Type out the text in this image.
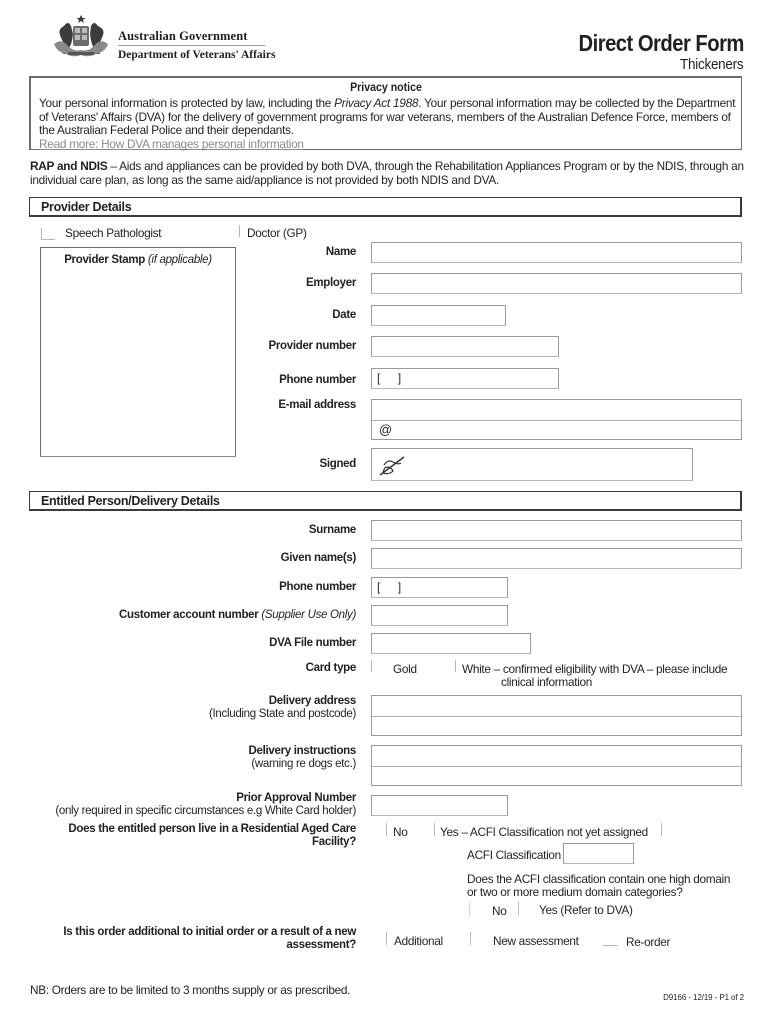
Australian Government
Department of Veterans' Affairs	Direct Order Form
Thickeners
Privacy notice
Your personal information is protected by law, including the Privacy Act 1988. Your personal information may be collected by the Department of Veterans' Affairs (DVA) for the delivery of government programs for war veterans, members of the Australian Defence Force, members of the Australian Federal Police and their dependants.
Read more: How DVA manages personal information
RAP and NDIS – Aids and appliances can be provided by both DVA, through the Rehabilitation Appliances Program or by the NDIS, through an individual care plan, as long as the same aid/appliance is not provided by both NDIS and DVA.
Provider Details
Speech Pathologist	Doctor (GP)
Provider Stamp (if applicable)
Name
Employer
Date
Provider number
Phone number [      ]
E-mail address
@
Signed
Entitled Person/Delivery Details
Surname
Given name(s)
Phone number [      ]
Customer account number (Supplier Use Only)
DVA File number
Card type	Gold	White – confirmed eligibility with DVA – please include
clinical information
Delivery address
(Including State and postcode)
Delivery instructions
(warning re dogs etc.)
Prior Approval Number
(only required in specific circumstances e.g White Card holder)
Does the entitled person live in a Residential Aged Care
Facility?
No	Yes – ACFI Classification not yet assigned
ACFI Classification
Does the ACFI classification contain one high domain
or two or more medium domain categories?
No	Yes (Refer to DVA)
Is this order additional to initial order or a result of a new
assessment?	Additional	New assessment	Re-order
NB: Orders are to be limited to 3 months supply or as prescribed.
D9166 - 12/19 - P1 of 2
